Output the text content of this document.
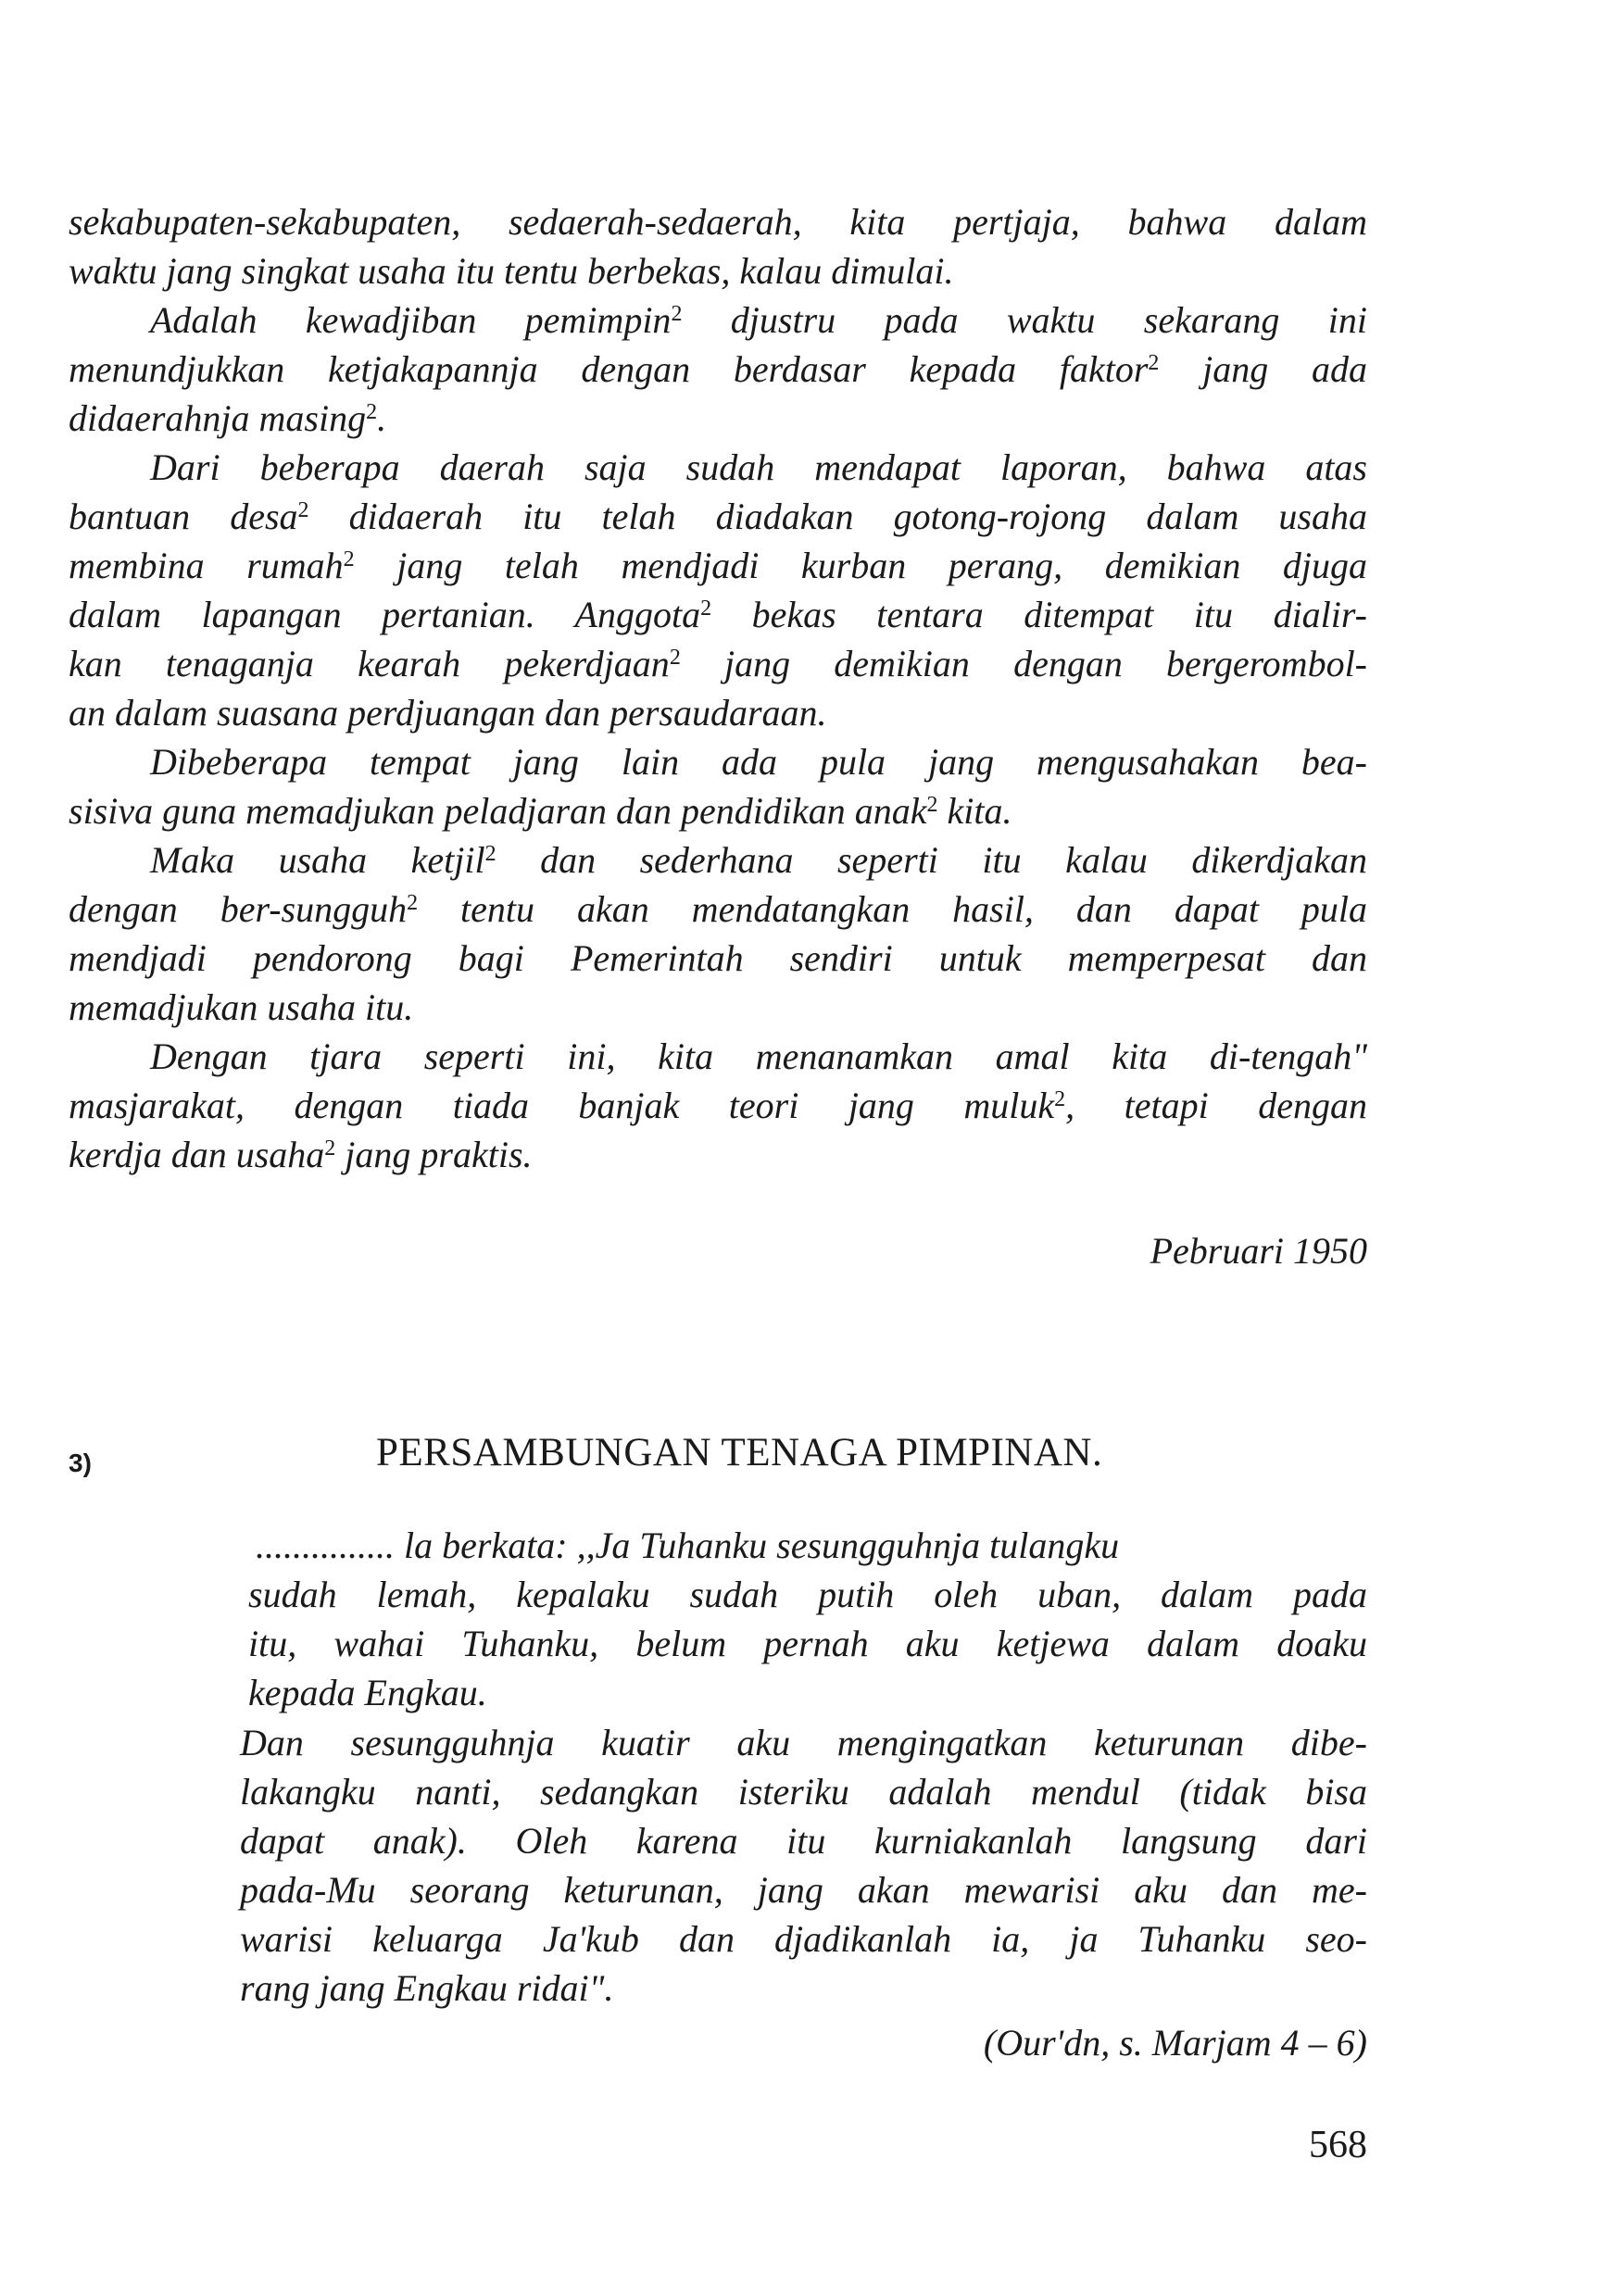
sekabupaten-sekabupaten, sedaerah-sedaerah, kita pertjaja, bahwa dalam
waktu jang singkat usaha itu tentu berbekas, kalau dimulai.
Adalah kewadjiban pemimpin$^2$ djustru pada waktu sekarang ini
menundjukkan ketjakapannja dengan berdasar kepada faktor$^2$ jang ada
didaerahnja masing$^2$.
Dari beberapa daerah saja sudah mendapat laporan, bahwa atas
bantuan desa$^2$ didaerah itu telah diadakan gotong-rojong dalam usaha
membina rumah$^2$ jang telah mendjadi kurban perang, demikian djuga
dalam lapangan pertanian. Anggota$^2$ bekas tentara ditempat itu dialir-
kan tenaganja kearah pekerdjaan$^2$ jang demikian dengan bergerombol-
an dalam suasana perdjuangan dan persaudaraan.
Dibeberapa tempat jang lain ada pula jang mengusahakan bea-
sisiva guna memadjukan peladjaran dan pendidikan anak$^2$ kita.
Maka usaha ketjil$^2$ dan sederhana seperti itu kalau dikerdjakan
dengan ber-sungguh$^2$ tentu akan mendatangkan hasil, dan dapat pula
mendjadi pendorong bagi Pemerintah sendiri untuk memperpesat dan
memadjukan usaha itu.
Dengan tjara seperti ini, kita menanamkan amal kita di-tengah"
masjarakat, dengan tiada banjak teori jang muluk$^2$, tetapi dengan
kerdja dan usaha$^2$ jang praktis.
Pebruari 1950
3)	PERSAMBUNGAN TENAGA PIMPINAN.
............... la berkata: ,,Ja Tuhanku sesungguhnja tulangku
sudah lemah, kepalaku sudah putih oleh uban, dalam pada
itu, wahai Tuhanku, belum pernah aku ketjewa dalam doaku
kepada Engkau.
Dan sesungguhnja kuatir aku mengingatkan keturunan dibe-
lakangku nanti, sedangkan isteriku adalah mendul (tidak bisa
dapat anak). Oleh karena itu kurniakanlah langsung dari
pada-Mu seorang keturunan, jang akan mewarisi aku dan me-
warisi keluarga Ja'kub dan djadikanlah ia, ja Tuhanku seo-
rang jang Engkau ridai".
(Our'dn, s. Marjam 4 – 6)
568
